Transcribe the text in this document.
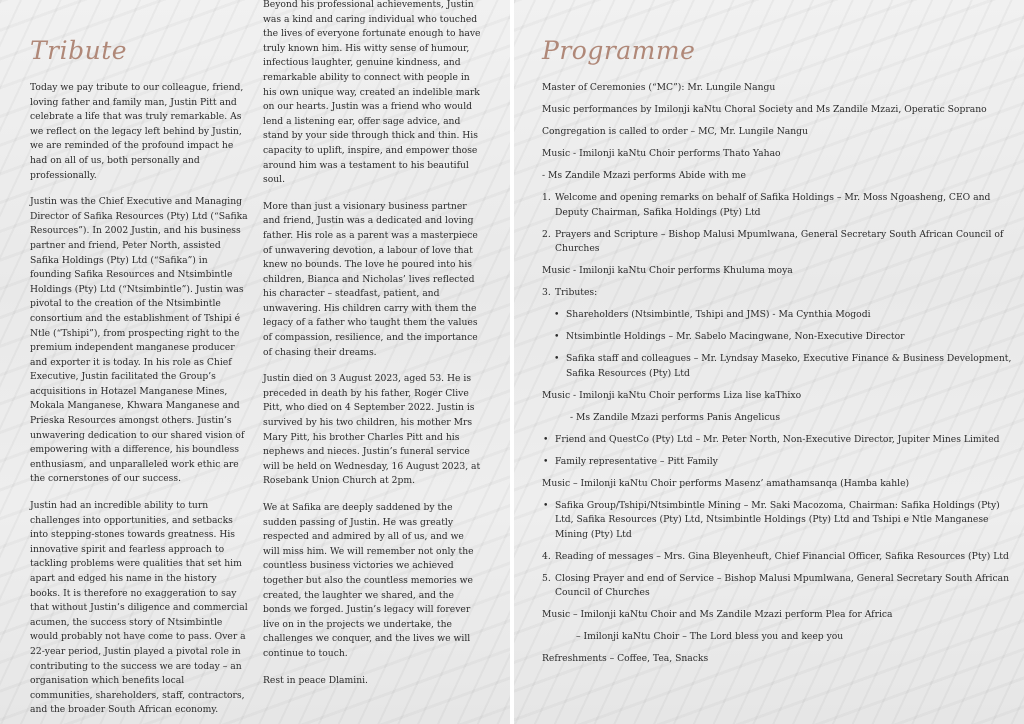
Tribute

Today we pay tribute to our colleague, friend, loving father and family man, Justin Pitt and celebrate a life that was truly remarkable. As we reflect on the legacy left behind by Justin, we are reminded of the profound impact he had on all of us, both personally and professionally.

Justin was the Chief Executive and Managing Director of Safika Resources (Pty) Ltd (“Safika Resources”). In 2002 Justin, and his business partner and friend, Peter North, assisted Safika Holdings (Pty) Ltd (“Safika”) in founding Safika Resources and Ntsimbintle Holdings (Pty) Ltd (“Ntsimbintle”). Justin was pivotal to the creation of the Ntsimbintle consortium and the establishment of Tshipi é Ntle (“Tshipi”), from prospecting right to the premium independent manganese producer and exporter it is today. In his role as Chief Executive, Justin facilitated the Group’s acquisitions in Hotazel Manganese Mines, Mokala Manganese, Khwara Manganese and Prieska Resources amongst others. Justin’s unwavering dedication to our shared vision of empowering with a difference, his boundless enthusiasm, and unparalleled work ethic are the cornerstones of our success.

Justin had an incredible ability to turn challenges into opportunities, and setbacks into stepping-stones towards greatness. His innovative spirit and fearless approach to tackling problems were qualities that set him apart and edged his name in the history books. It is therefore no exaggeration to say that without Justin’s diligence and commercial acumen, the success story of Ntsimbintle would probably not have come to pass. Over a 22-year period, Justin played a pivotal role in contributing to the success we are today – an organisation which benefits local communities, shareholders, staff, contractors, and the broader South African economy.

Beyond his professional achievements, Justin was a kind and caring individual who touched the lives of everyone fortunate enough to have truly known him. His witty sense of humour, infectious laughter, genuine kindness, and remarkable ability to connect with people in his own unique way, created an indelible mark on our hearts. Justin was a friend who would lend a listening ear, offer sage advice, and stand by your side through thick and thin. His capacity to uplift, inspire, and empower those around him was a testament to his beautiful soul.

More than just a visionary business partner and friend, Justin was a dedicated and loving father. His role as a parent was a masterpiece of unwavering devotion, a labour of love that knew no bounds. The love he poured into his children, Bianca and Nicholas’ lives reflected his character – steadfast, patient, and unwavering. His children carry with them the legacy of a father who taught them the values of compassion, resilience, and the importance of chasing their dreams.

Justin died on 3 August 2023, aged 53. He is preceded in death by his father, Roger Clive Pitt, who died on 4 September 2022. Justin is survived by his two children, his mother Mrs Mary Pitt, his brother Charles Pitt and his nephews and nieces. Justin’s funeral service will be held on Wednesday, 16 August 2023, at Rosebank Union Church at 2pm.

We at Safika are deeply saddened by the sudden passing of Justin. He was greatly respected and admired by all of us, and we will miss him. We will remember not only the countless business victories we achieved together but also the countless memories we created, the laughter we shared, and the bonds we forged. Justin’s legacy will forever live on in the projects we undertake, the challenges we conquer, and the lives we will continue to touch.

Rest in peace Dlamini.

Programme
Master of Ceremonies (“MC”): Mr. Lungile Nangu
Music performances by Imilonji kaNtu Choral Society and Ms Zandile Mzazi, Operatic Soprano
Congregation is called to order – MC, Mr. Lungile Nangu
Music - Imilonji kaNtu Choir performs Thato Yahao
- Ms Zandile Mzazi performs Abide with me
1. Welcome and opening remarks on behalf of Safika Holdings – Mr. Moss Ngoasheng, CEO and Deputy Chairman, Safika Holdings (Pty) Ltd
2. Prayers and Scripture – Bishop Malusi Mpumlwana, General Secretary South African Council of Churches
Music - Imilonji kaNtu Choir performs Khuluma moya
3. Tributes:
• Shareholders (Ntsimbintle, Tshipi and JMS) - Ma Cynthia Mogodi
• Ntsimbintle Holdings – Mr. Sabelo Macingwane, Non-Executive Director
• Safika staff and colleagues – Mr. Lyndsay Maseko, Executive Finance & Business Development, Safika Resources (Pty) Ltd
Music - Imilonji kaNtu Choir performs Liza lise kaThixo
- Ms Zandile Mzazi performs Panis Angelicus
• Friend and QuestCo (Pty) Ltd – Mr. Peter North, Non-Executive Director, Jupiter Mines Limited
• Family representative – Pitt Family
Music – Imilonji kaNtu Choir performs Masenz’ amathamsanqa (Hamba kahle)
• Safika Group/Tshipi/Ntsimbintle Mining – Mr. Saki Macozoma, Chairman: Safika Holdings (Pty) Ltd, Safika Resources (Pty) Ltd, Ntsimbintle Holdings (Pty) Ltd and Tshipi e Ntle Manganese Mining (Pty) Ltd
4. Reading of messages – Mrs. Gina Bleyenheuft, Chief Financial Officer, Safika Resources (Pty) Ltd
5. Closing Prayer and end of Service – Bishop Malusi Mpumlwana, General Secretary South African Council of Churches
Music – Imilonji kaNtu Choir and Ms Zandile Mzazi perform Plea for Africa
– Imilonji kaNtu Choir – The Lord bless you and keep you
Refreshments – Coffee, Tea, Snacks
